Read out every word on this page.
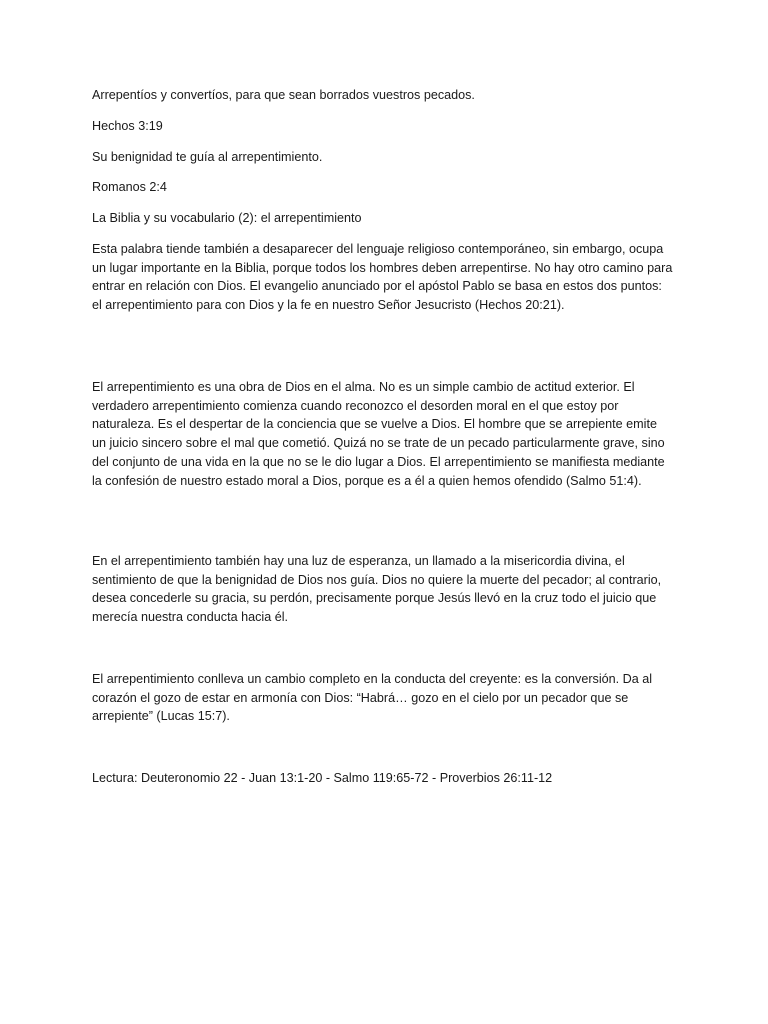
Arrepentíos y convertíos, para que sean borrados vuestros pecados.

Hechos 3:19

Su benignidad te guía al arrepentimiento.

Romanos 2:4

La Biblia y su vocabulario (2): el arrepentimiento

Esta palabra tiende también a desaparecer del lenguaje religioso contemporáneo, sin embargo, ocupa un lugar importante en la Biblia, porque todos los hombres deben arrepentirse. No hay otro camino para entrar en relación con Dios. El evangelio anunciado por el apóstol Pablo se basa en estos dos puntos: el arrepentimiento para con Dios y la fe en nuestro Señor Jesucristo (Hechos 20:21).

El arrepentimiento es una obra de Dios en el alma. No es un simple cambio de actitud exterior. El verdadero arrepentimiento comienza cuando reconozco el desorden moral en el que estoy por naturaleza. Es el despertar de la conciencia que se vuelve a Dios. El hombre que se arrepiente emite un juicio sincero sobre el mal que cometió. Quizá no se trate de un pecado particularmente grave, sino del conjunto de una vida en la que no se le dio lugar a Dios. El arrepentimiento se manifiesta mediante la confesión de nuestro estado moral a Dios, porque es a él a quien hemos ofendido (Salmo 51:4).

En el arrepentimiento también hay una luz de esperanza, un llamado a la misericordia divina, el sentimiento de que la benignidad de Dios nos guía. Dios no quiere la muerte del pecador; al contrario, desea concederle su gracia, su perdón, precisamente porque Jesús llevó en la cruz todo el juicio que merecía nuestra conducta hacia él.

El arrepentimiento conlleva un cambio completo en la conducta del creyente: es la conversión. Da al corazón el gozo de estar en armonía con Dios: “Habrá… gozo en el cielo por un pecador que se arrepiente” (Lucas 15:7).

Lectura: Deuteronomio 22 - Juan 13:1-20 - Salmo 119:65-72 - Proverbios 26:11-12
